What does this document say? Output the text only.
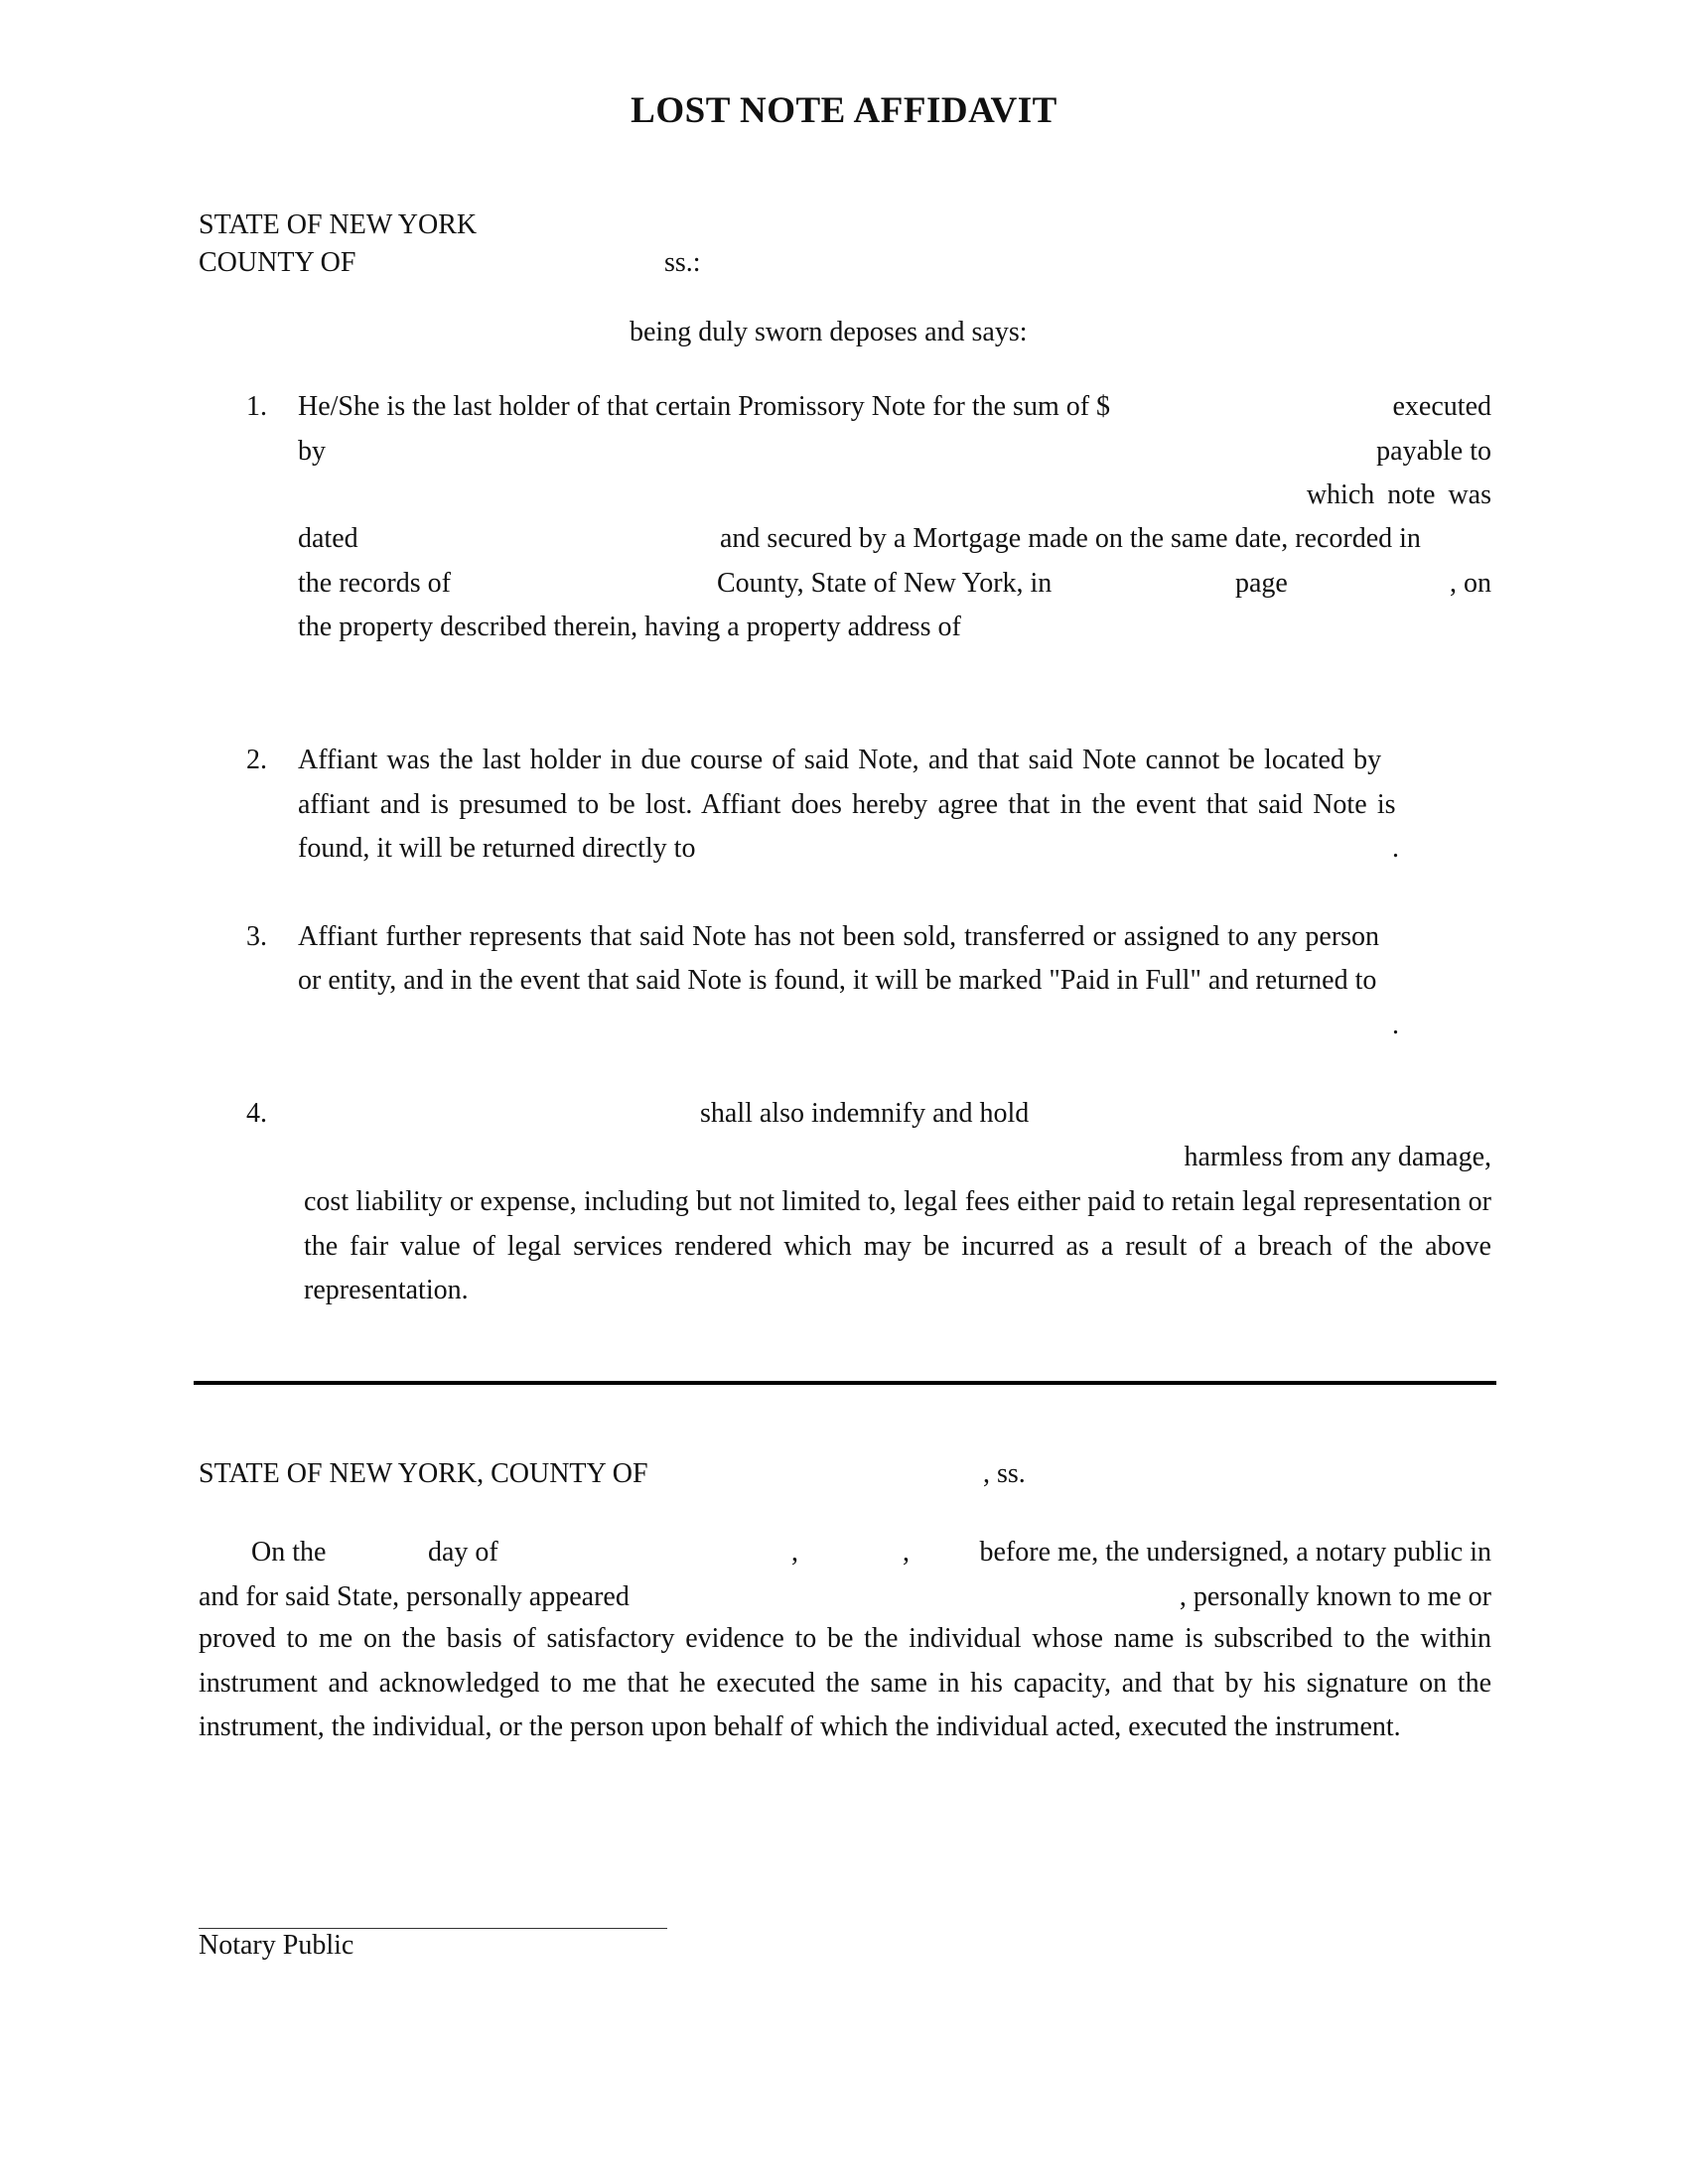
LOST NOTE AFFIDAVIT
STATE OF NEW YORK
COUNTY OF	ss.:
being duly sworn deposes and says:
1. He/She is the last holder of that certain Promissory Note for the sum of $	executed
by	payable to
which note was
dated	and secured by a Mortgage made on the same date, recorded in
the records of	County, State of New York, in	page	, on
the property described therein, having a property address of
2. Affiant was the last holder in due course of said Note, and that said Note cannot be located by
affiant and is presumed to be lost. Affiant does hereby agree that in the event that said Note is
found, it will be returned directly to	.
3. Affiant further represents that said Note has not been sold, transferred or assigned to any person
or entity, and in the event that said Note is found, it will be marked "Paid in Full" and returned to
.
4.	shall also indemnify and hold
harmless from any damage,
cost liability or expense, including but not limited to, legal fees either paid to retain legal representation or the fair value of legal services rendered which may be incurred as a result of a breach of the above representation.
STATE OF NEW YORK, COUNTY OF	, ss.
On the	day of	,	,	before me, the undersigned, a notary public in
and for said State, personally appeared	, personally known to me or
proved to me on the basis of satisfactory evidence to be the individual whose name is subscribed to the within instrument and acknowledged to me that he executed the same in his capacity, and that by his signature on the instrument, the individual, or the person upon behalf of which the individual acted, executed the instrument.
Notary Public
